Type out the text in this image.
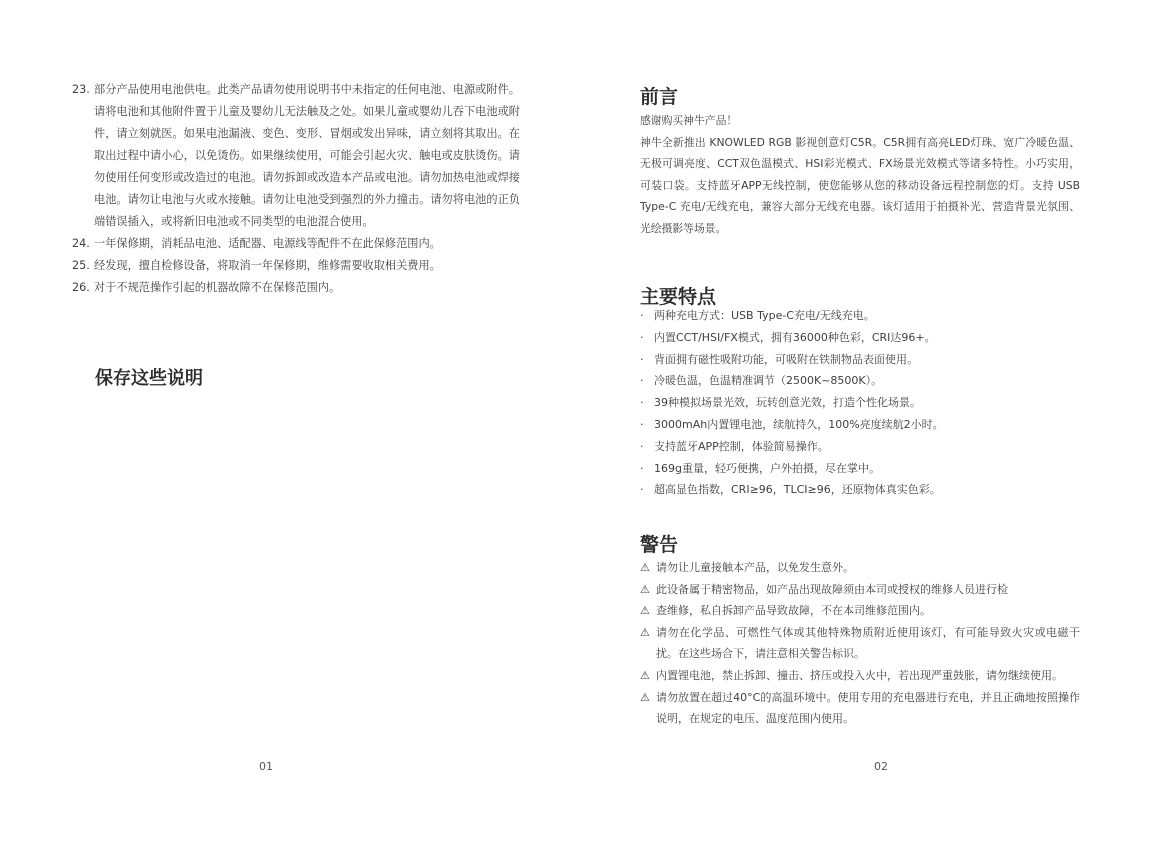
23. 部分产品使用电池供电。此类产品请勿使用说明书中未指定的任何电池、电源或附件。请将电池和其他附件置于儿童及婴幼儿无法触及之处。如果儿童或婴幼儿吞下电池或附件，请立刻就医。如果电池漏液、变色、变形、冒烟或发出异味，请立刻将其取出。在取出过程中请小心，以免烫伤。如果继续使用，可能会引起火灾、触电或皮肤烫伤。请勿使用任何变形或改造过的电池。请勿拆卸或改造本产品或电池。请勿加热电池或焊接电池。请勿让电池与火或水接触。请勿让电池受到强烈的外力撞击。请勿将电池的正负端错误插入，或将新旧电池或不同类型的电池混合使用。
24. 一年保修期，消耗品电池、适配器、电源线等配件不在此保修范围内。
25. 经发现，擅自检修设备，将取消一年保修期，维修需要收取相关费用。
26. 对于不规范操作引起的机器故障不在保修范围内。
保存这些说明
01
前言

感谢购买神牛产品！

神牛全新推出 KNOWLED RGB 影视创意灯C5R。C5R拥有高亮LED灯珠、宽广冷暖色温、无极可调亮度、CCT双色温模式、HSI彩光模式、FX场景光效模式等诸多特性。小巧实用，可装口袋。支持蓝牙APP无线控制，使您能够从您的移动设备远程控制您的灯。支持 USB Type-C 充电/无线充电，兼容大部分无线充电器。该灯适用于拍摄补光、营造背景光氛围、光绘摄影等场景。

主要特点
· 两种充电方式：USB Type-C充电/无线充电。
· 内置CCT/HSI/FX模式，拥有36000种色彩，CRI达96+。
· 背面拥有磁性吸附功能，可吸附在铁制物品表面使用。
· 冷暖色温，色温精准调节（2500K~8500K）。
· 39种模拟场景光效，玩转创意光效，打造个性化场景。
· 3000mAh内置锂电池，续航持久，100%亮度续航2小时。
· 支持蓝牙APP控制，体验简易操作。
· 169g重量，轻巧便携，户外拍摄，尽在掌中。
· 超高显色指数，CRI≥96，TLCI≥96，还原物体真实色彩。
警告
⚠ 请勿让儿童接触本产品，以免发生意外。
⚠ 此设备属于精密物品，如产品出现故障须由本司或授权的维修人员进行检
⚠ 查维修，私自拆卸产品导致故障，不在本司维修范围内。
⚠ 请勿在化学品、可燃性气体或其他特殊物质附近使用该灯，有可能导致火灾或电磁干扰。在这些场合下，请注意相关警告标识。
⚠ 内置锂电池，禁止拆卸、撞击、挤压或投入火中，若出现严重鼓胀，请勿继续使用。
⚠ 请勿放置在超过40°C的高温环境中。使用专用的充电器进行充电，并且正确地按照操作说明，在规定的电压、温度范围内使用。
02
